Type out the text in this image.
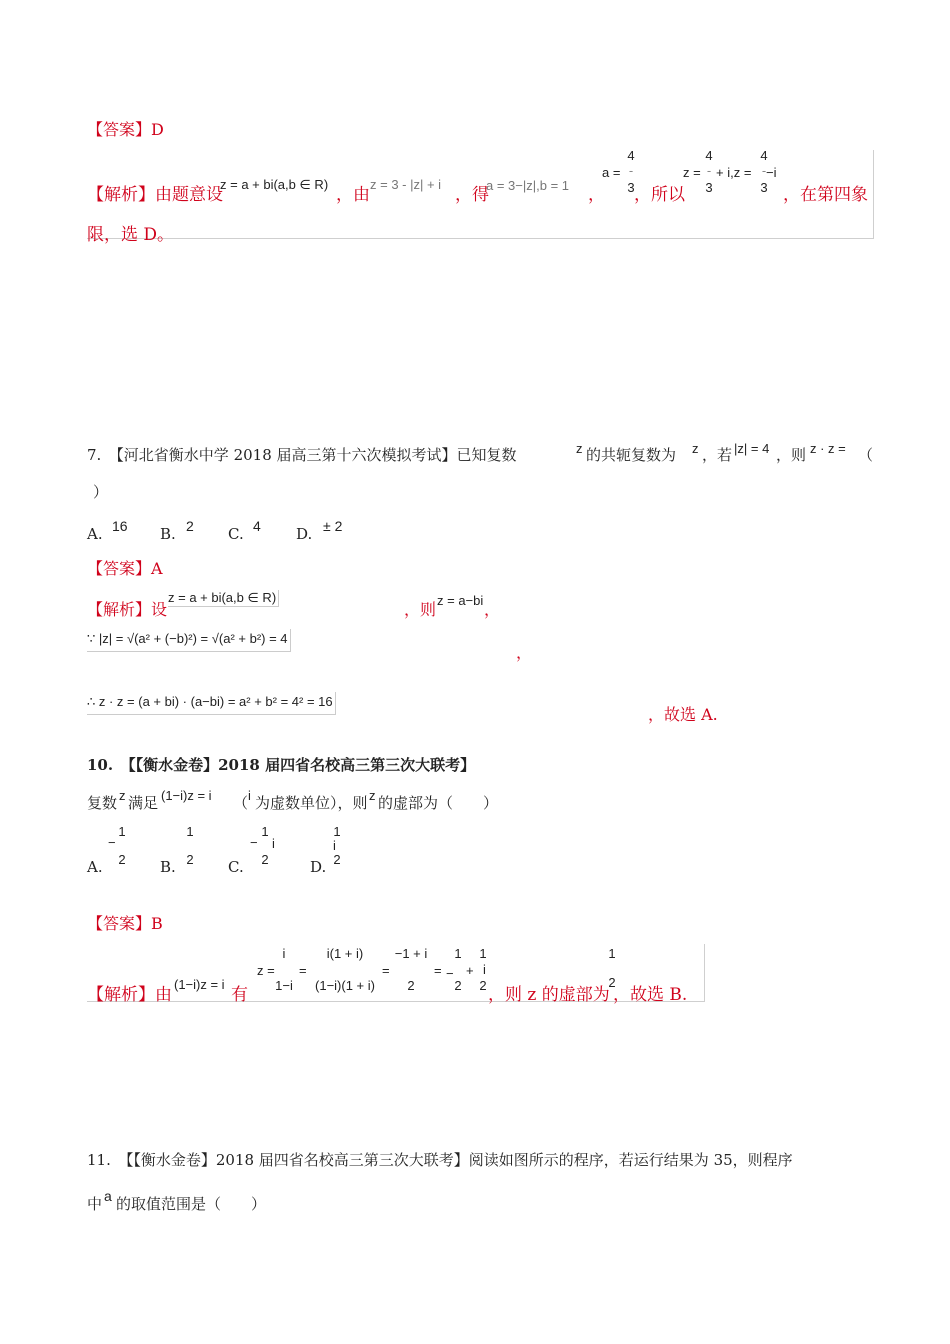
【答案】D
【解析】 由题意设
z = a + bi(a,b ∈ R)
，由
z = 3 - |z| + i
，得
a = 3−|z|,b = 1 ，
a =
4
-
3 ，所以
z =
4
-
3
+ i,z =
4
-
3
−i
，在第四象
限，选 D。
7.　【河北省衡水中学 2018 届高三第十六次模拟考试】已知复数	z 的共轭复数为 z ，若 |z| = 4 ，则 z · z = （
）
A. 16 B. 2 C. 4 D. ± 2
【答案】A
【解析】 设
z = a + bi(a,b ∈ R)
，则 z = a−bi ，
∵ |z| = √(a² + (−b)²) = √(a² + b²) = 4
，
∴ z · z = (a + bi) · (a−bi) = a² + b² = 4² = 16
，故选 A.
10.　【【衡水金卷】2018 届四省名校高三第三次大联考】
复数 z 满足 (1−i)z = i （ i 为虚数单位），则 z 的虚部为（　　）
A.
−
1
2 B.
1
2 C.
−
1
2
i
D.
1
2
i
【答案】B
【解析】 由
(1−i)z = i
有
z =
i
1−i
=
i(1 + i)
(1−i)(1 + i)
=
−1 + i
2
= −
1
2
+
1
2
i
，则 z 的虚部为
1
2
，故选 B.
11.　【【衡水金卷】2018 届四省名校高三第三次大联考】阅读如图所示的程序，若运行结果为 35，则程序
中 a 的取值范围是（　　）
